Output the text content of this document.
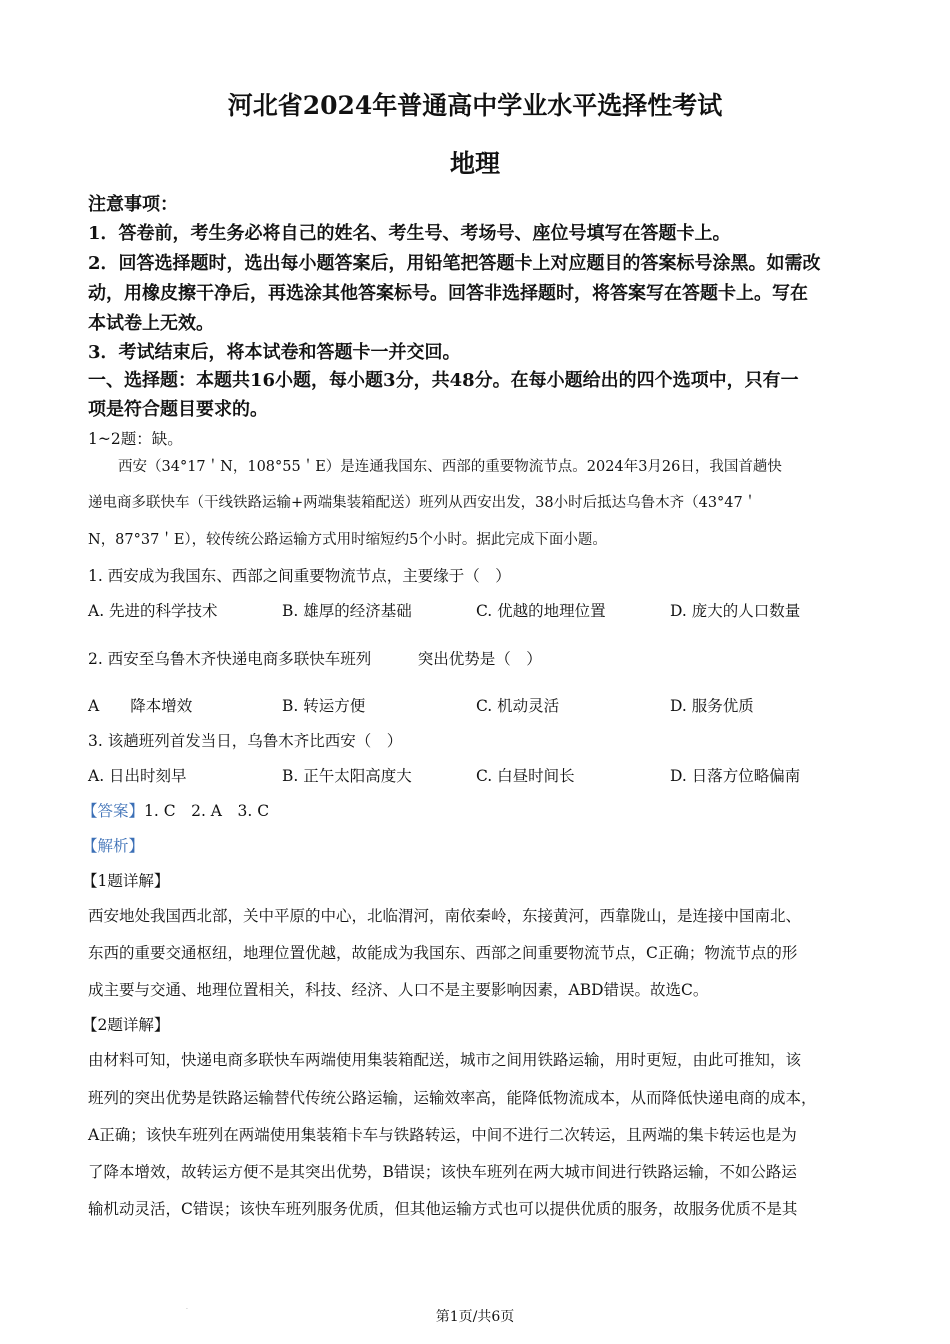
河北省2024年普通高中学业水平选择性考试
地理
注意事项：
1．答卷前，考生务必将自己的姓名、考生号、考场号、座位号填写在答题卡上。
2．回答选择题时，选出每小题答案后，用铅笔把答题卡上对应题目的答案标号涂黑。如需改
动，用橡皮擦干净后，再选涂其他答案标号。回答非选择题时，将答案写在答题卡上。写在
本试卷上无效。
3．考试结束后，将本试卷和答题卡一并交回。
一、选择题：本题共16小题，每小题3分，共48分。在每小题给出的四个选项中，只有一
项是符合题目要求的。
1~2题：缺。
西安（34°17＇N，108°55＇E）是连通我国东、西部的重要物流节点。2024年3月26日，我国首趟快
递电商多联快车（干线铁路运输+两端集装箱配送）班列从西安出发，38小时后抵达乌鲁木齐（43°47＇
N，87°37＇E），较传统公路运输方式用时缩短约5个小时。据此完成下面小题。
1. 西安成为我国东、西部之间重要物流节点，主要缘于（　）
A. 先进的科学技术	B. 雄厚的经济基础	C. 优越的地理位置	D. 庞大的人口数量
2. 西安至乌鲁木齐快递电商多联快车班列　　　突出优势是（　）
A　　降本增效	B. 转运方便	C. 机动灵活	D. 服务优质
3. 该趟班列首发当日，乌鲁木齐比西安（　）
A. 日出时刻早	B. 正午太阳高度大	C. 白昼时间长	D. 日落方位略偏南
【答案】1. C　2. A　3. C
【解析】
【1题详解】
西安地处我国西北部，关中平原的中心，北临渭河，南依秦岭，东接黄河，西靠陇山，是连接中国南北、
东西的重要交通枢纽，地理位置优越，故能成为我国东、西部之间重要物流节点，C正确；物流节点的形
成主要与交通、地理位置相关，科技、经济、人口不是主要影响因素，ABD错误。故选C。
【2题详解】
由材料可知，快递电商多联快车两端使用集装箱配送，城市之间用铁路运输，用时更短，由此可推知，该
班列的突出优势是铁路运输替代传统公路运输，运输效率高，能降低物流成本，从而降低快递电商的成本，
A正确；该快车班列在两端使用集装箱卡车与铁路转运，中间不进行二次转运，且两端的集卡转运也是为
了降本增效，故转运方便不是其突出优势，B错误；该快车班列在两大城市间进行铁路运输，不如公路运
输机动灵活，C错误；该快车班列服务优质，但其他运输方式也可以提供优质的服务，故服务优质不是其
.
第1页/共6页
